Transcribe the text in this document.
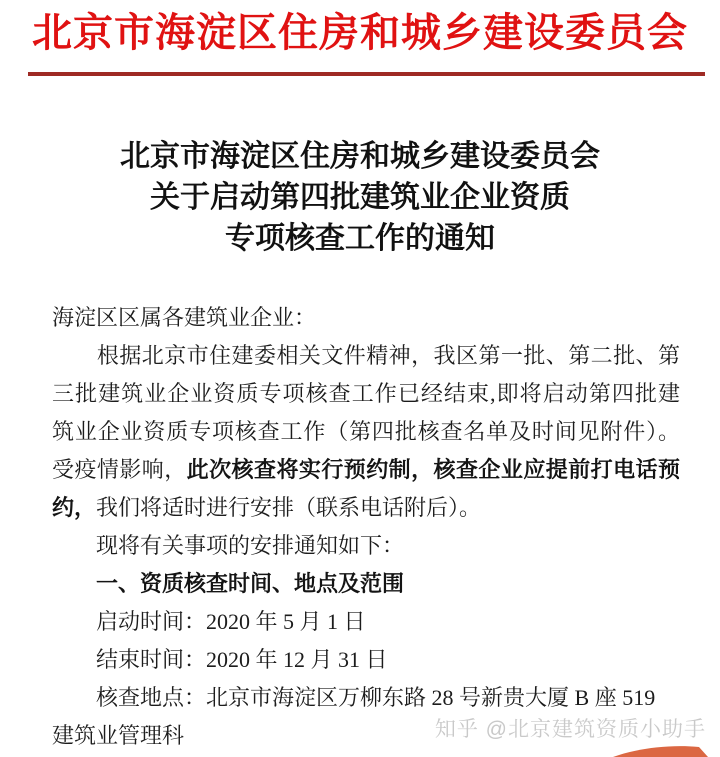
北京市海淀区住房和城乡建设委员会
北京市海淀区住房和城乡建设委员会
关于启动第四批建筑业企业资质
专项核查工作的通知
海淀区区属各建筑业企业：
　　根据北京市住建委相关文件精神，我区第一批、第二批、第
三批建筑业企业资质专项核查工作已经结束,即将启动第四批建
筑业企业资质专项核查工作（第四批核查名单及时间见附件）。
受疫情影响，此次核查将实行预约制，核查企业应提前打电话预
约，我们将适时进行安排（联系电话附后）。
　　现将有关事项的安排通知如下：
　　一、资质核查时间、地点及范围
　　启动时间：2020 年 5 月 1 日
　　结束时间：2020 年 12 月 31 日
　　核查地点：北京市海淀区万柳东路 28 号新贵大厦 B 座 519
建筑业管理科	知乎 @北京建筑资质小助手
